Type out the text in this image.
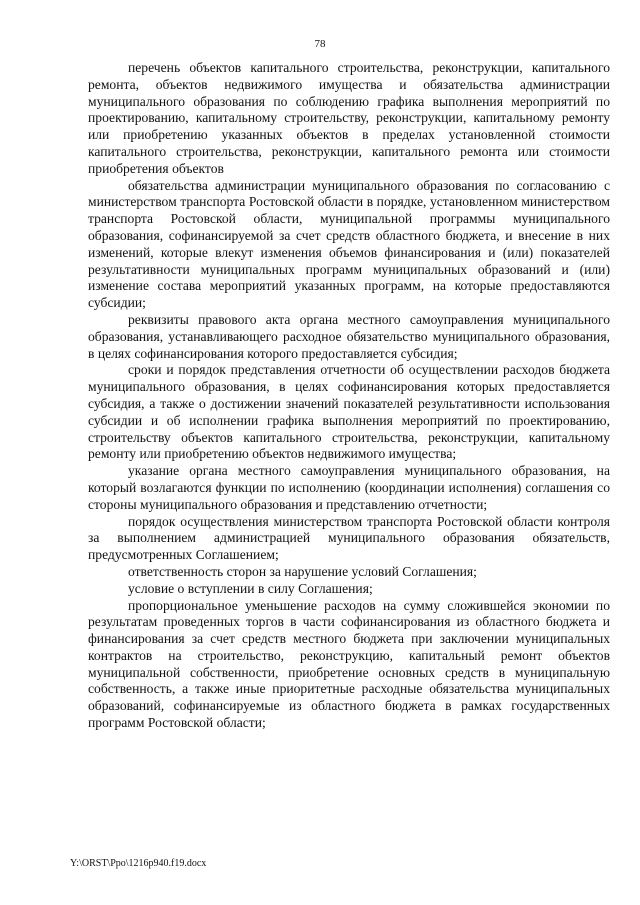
78

перечень объектов капитального строительства, реконструкции, капитального ремонта, объектов недвижимого имущества и обязательства администрации муниципального образования по соблюдению графика выполнения мероприятий по проектированию, капитальному строительству, реконструкции, капитальному ремонту или приобретению указанных объектов в пределах установленной стоимости капитального строительства, реконструкции, капитального ремонта или стоимости приобретения объектов

обязательства администрации муниципального образования по согласованию с министерством транспорта Ростовской области в порядке, установленном министерством транспорта Ростовской области, муниципальной программы муниципального образования, софинансируемой за счет средств областного бюджета, и внесение в них изменений, которые влекут изменения объемов финансирования и (или) показателей результативности муниципальных программ муниципальных образований и (или) изменение состава мероприятий указанных программ, на которые предоставляются субсидии;

реквизиты правового акта органа местного самоуправления муниципального образования, устанавливающего расходное обязательство муниципального образования, в целях софинансирования которого предоставляется субсидия;

сроки и порядок представления отчетности об осуществлении расходов бюджета муниципального образования, в целях софинансирования которых предоставляется субсидия, а также о достижении значений показателей результативности использования субсидии и об исполнении графика выполнения мероприятий по проектированию, строительству объектов капитального строительства, реконструкции, капитальному ремонту или приобретению объектов недвижимого имущества;

указание органа местного самоуправления муниципального образования, на который возлагаются функции по исполнению (координации исполнения) соглашения со стороны муниципального образования и представлению отчетности;

порядок осуществления министерством транспорта Ростовской области контроля за выполнением администрацией муниципального образования обязательств, предусмотренных Соглашением;

ответственность сторон за нарушение условий Соглашения;

условие о вступлении в силу Соглашения;

пропорциональное уменьшение расходов на сумму сложившейся экономии по результатам проведенных торгов в части софинансирования из областного бюджета и финансирования за счет средств местного бюджета при заключении муниципальных контрактов на строительство, реконструкцию, капитальный ремонт объектов муниципальной собственности, приобретение основных средств в муниципальную собственность, а также иные приоритетные расходные обязательства муниципальных образований, софинансируемые из областного бюджета в рамках государственных программ Ростовской области;

Y:\ORST\Ppo\1216p940.f19.docx
